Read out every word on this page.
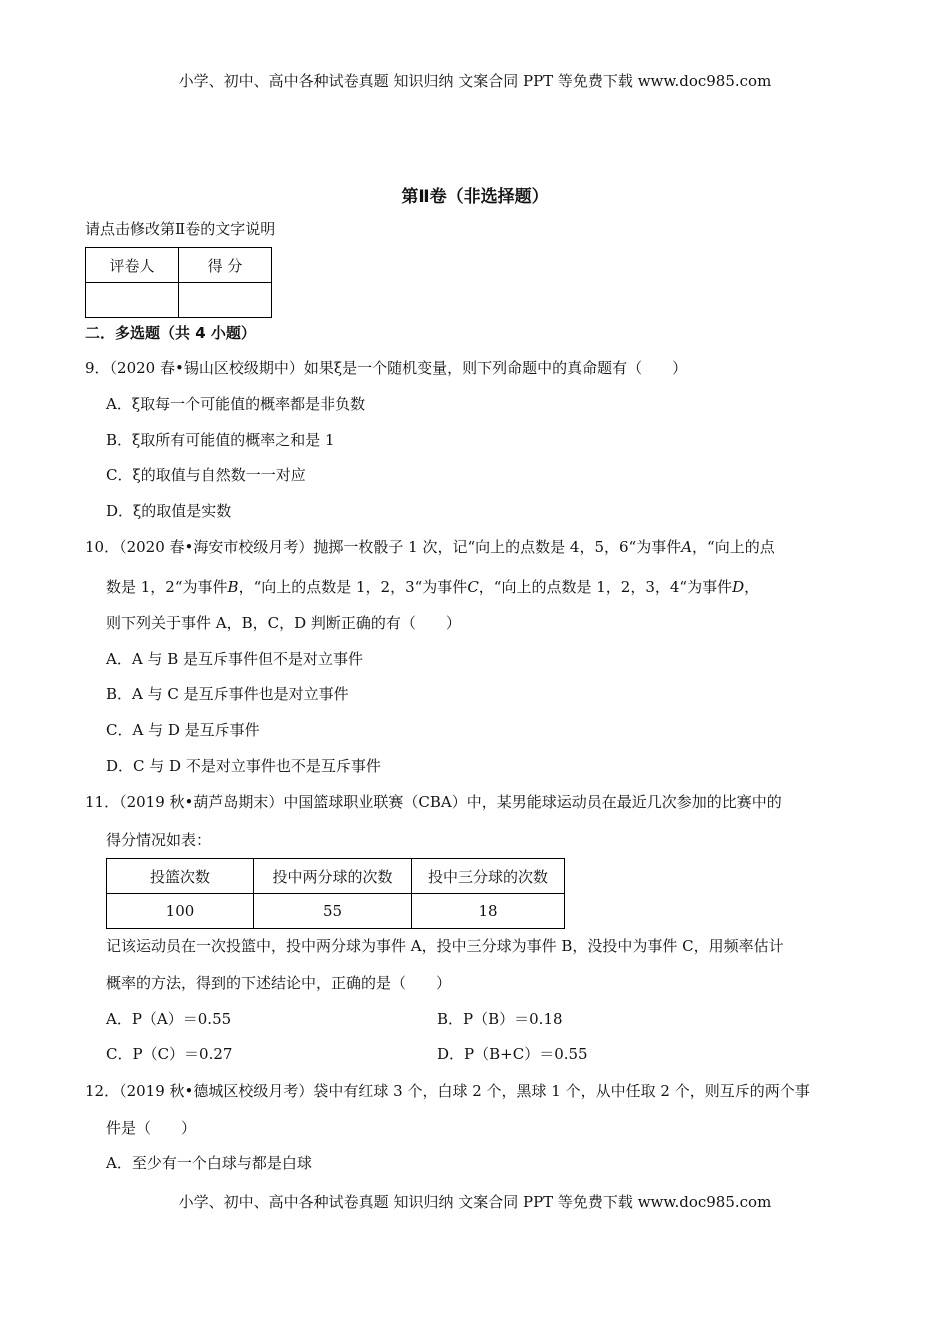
小学、初中、高中各种试卷真题 知识归纳 文案合同 PPT 等免费下载 www.doc985.com
第Ⅱ卷（非选择题）
请点击修改第Ⅱ卷的文字说明
评卷人	得 分

二．多选题（共 4 小题）
9．（2020 春•锡山区校级期中）如果ξ是一个随机变量，则下列命题中的真命题有（　　）
A．ξ取每一个可能值的概率都是非负数
B．ξ取所有可能值的概率之和是 1
C．ξ的取值与自然数一一对应
D．ξ的取值是实数
10．（2020 春•海安市校级月考）抛掷一枚骰子 1 次，记“向上的点数是 4，5，6“为事件A，“向上的点
数是 1，2“为事件B，“向上的点数是 1，2，3“为事件C，“向上的点数是 1，2，3，4“为事件D，
则下列关于事件 A，B，C，D 判断正确的有（　　）
A．A 与 B 是互斥事件但不是对立事件
B．A 与 C 是互斥事件也是对立事件
C．A 与 D 是互斥事件
D．C 与 D 不是对立事件也不是互斥事件
11．（2019 秋•葫芦岛期末）中国篮球职业联赛（CBA）中，某男能球运动员在最近几次参加的比赛中的
得分情况如表：
投篮次数	投中两分球的次数	投中三分球的次数
100	55	18
记该运动员在一次投篮中，投中两分球为事件 A，投中三分球为事件 B，没投中为事件 C，用频率估计
概率的方法，得到的下述结论中，正确的是（　　）
A．P（A）＝0.55	B．P（B）＝0.18
C．P（C）＝0.27	D．P（B+C）＝0.55
12．（2019 秋•德城区校级月考）袋中有红球 3 个，白球 2 个，黑球 1 个，从中任取 2 个，则互斥的两个事
件是（　　）
A．至少有一个白球与都是白球
小学、初中、高中各种试卷真题 知识归纳 文案合同 PPT 等免费下载 www.doc985.com
